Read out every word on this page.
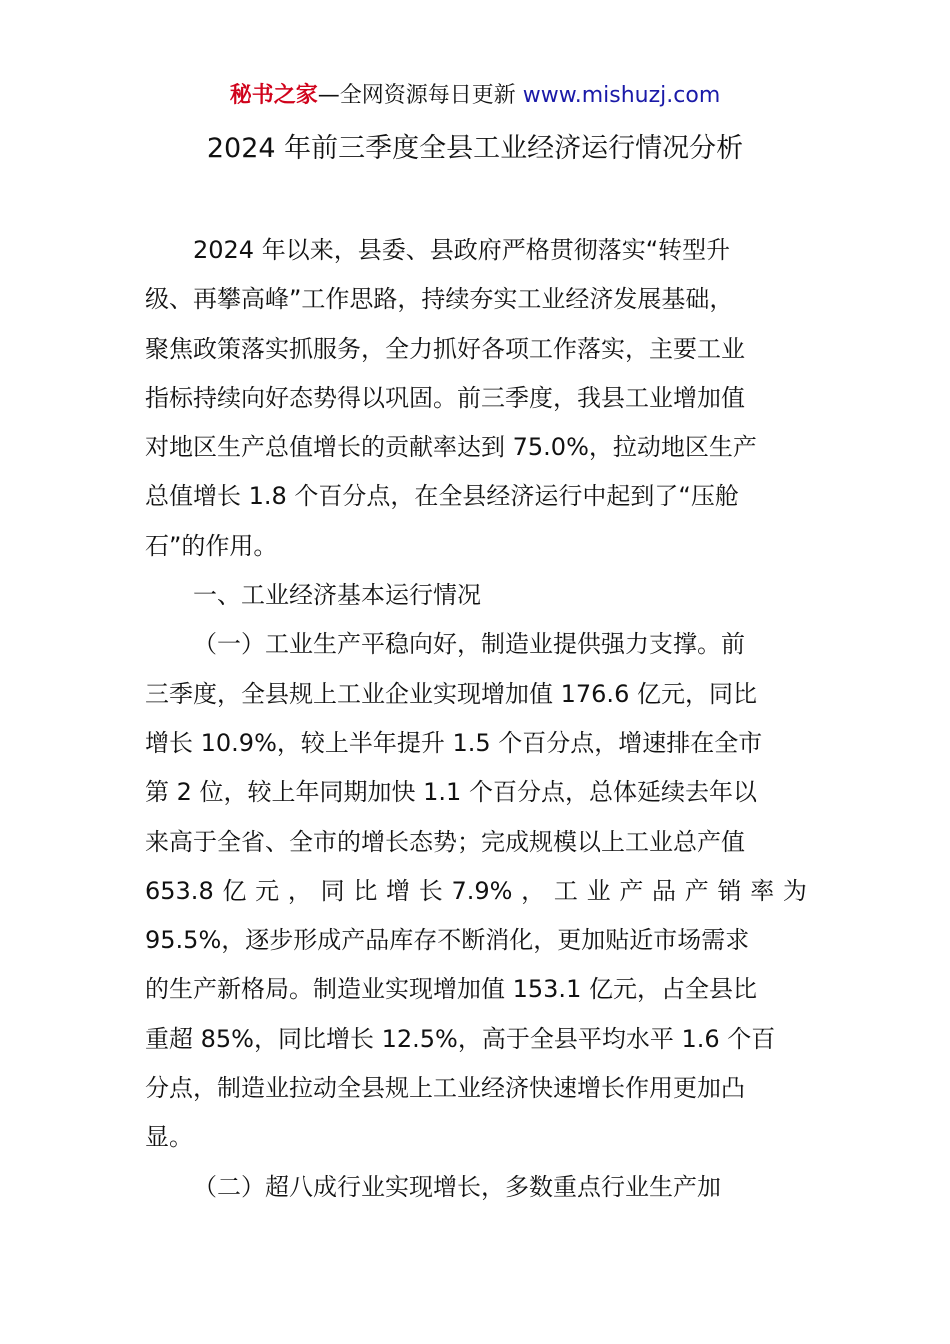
秘书之家—全网资源每日更新 www.mishuzj.com
2024 年前三季度全县工业经济运行情况分析
2024 年以来，县委、县政府严格贯彻落实“转型升
级、再攀高峰”工作思路，持续夯实工业经济发展基础，
聚焦政策落实抓服务，全力抓好各项工作落实，主要工业
指标持续向好态势得以巩固。前三季度，我县工业增加值
对地区生产总值增长的贡献率达到 75.0%，拉动地区生产
总值增长 1.8 个百分点，在全县经济运行中起到了“压舱
石”的作用。
一、工业经济基本运行情况
（一）工业生产平稳向好，制造业提供强力支撑。前
三季度，全县规上工业企业实现增加值 176.6 亿元，同比
增长 10.9%，较上半年提升 1.5 个百分点，增速排在全市
第 2 位，较上年同期加快 1.1 个百分点，总体延续去年以
来高于全省、全市的增长态势；完成规模以上工业总产值
653.8 亿 元 ， 同 比 增 长 7.9% ， 工 业 产 品 产 销 率 为
95.5%，逐步形成产品库存不断消化，更加贴近市场需求
的生产新格局。制造业实现增加值 153.1 亿元，占全县比
重超 85%，同比增长 12.5%，高于全县平均水平 1.6 个百
分点，制造业拉动全县规上工业经济快速增长作用更加凸
显。
（二）超八成行业实现增长，多数重点行业生产加
